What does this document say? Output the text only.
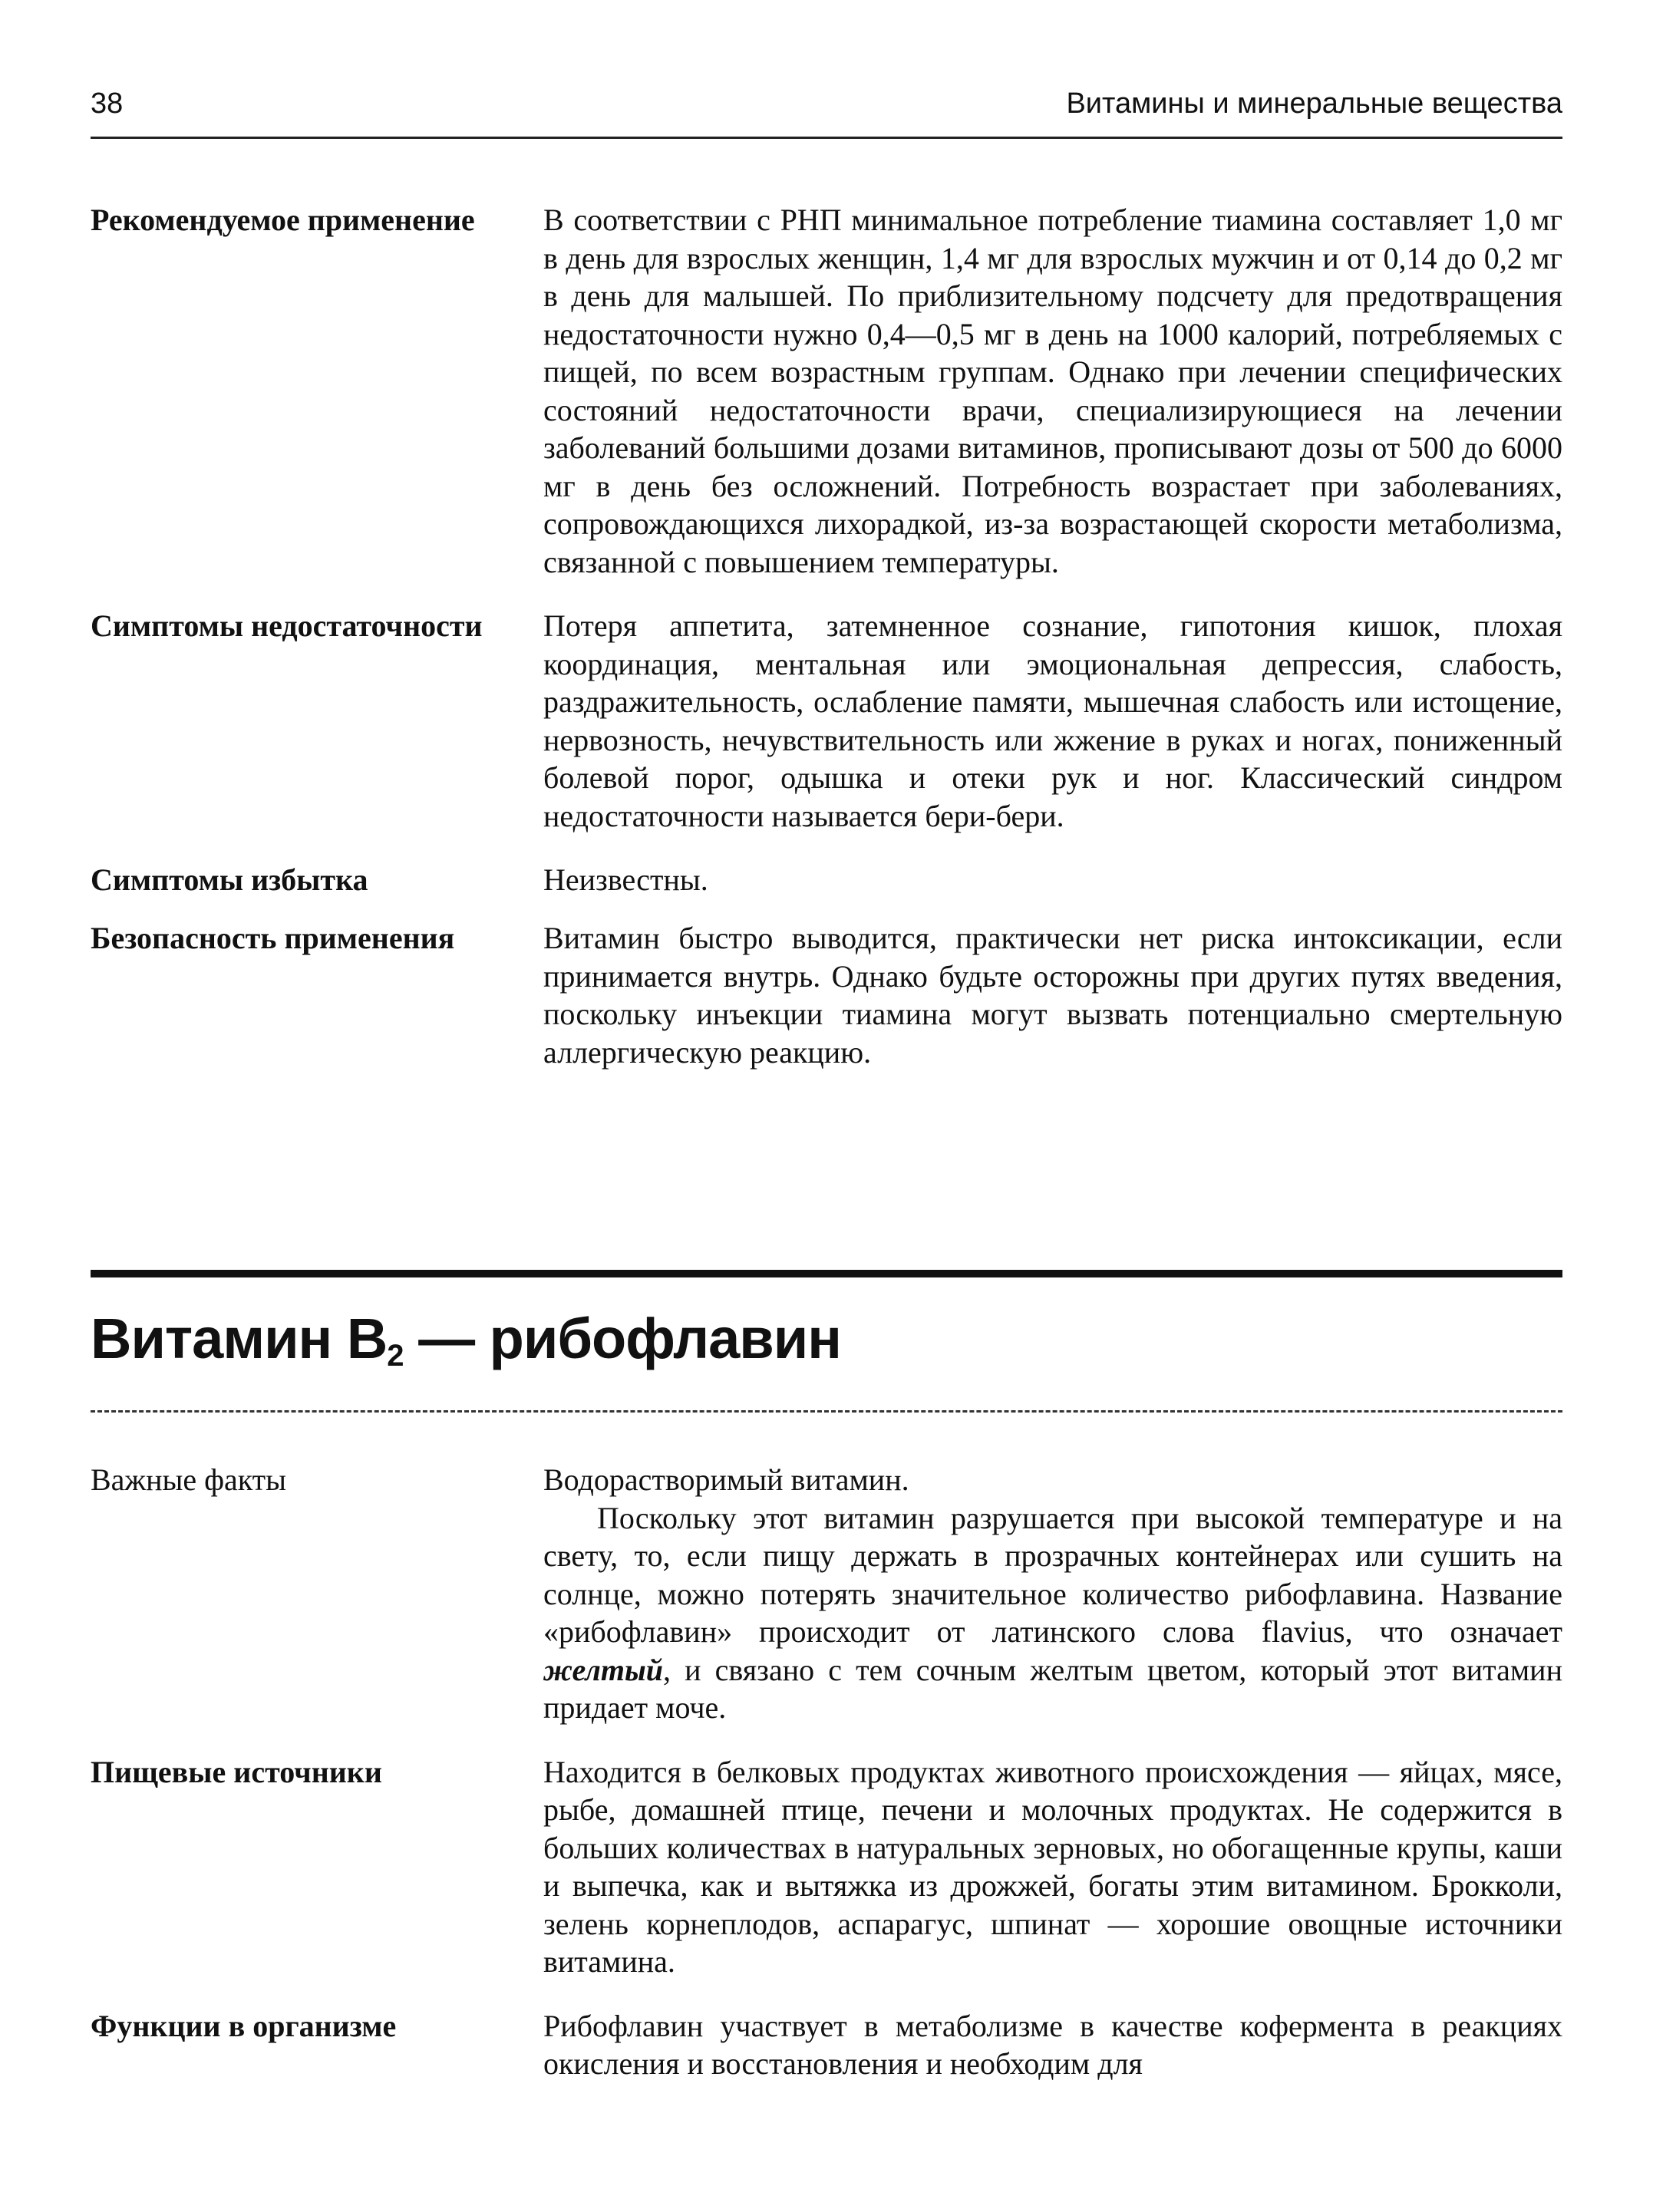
38	Витамины и минеральные вещества
Рекомендуемое применение	В соответствии с РНП минимальное потребление тиамина составляет 1,0 мг в день для взрослых женщин, 1,4 мг для взрослых мужчин и от 0,14 до 0,2 мг в день для малышей. По приблизительному подсчету для предотвращения недостаточности нужно 0,4—0,5 мг в день на 1000 калорий, потребляемых с пищей, по всем возрастным группам. Однако при лечении специфических состояний недостаточности врачи, специализирующиеся на лечении заболеваний большими дозами витаминов, прописывают дозы от 500 до 6000 мг в день без осложнений. Потребность возрастает при заболеваниях, сопровождающихся лихорадкой, из-за возрастающей скорости метаболизма, связанной с повышением температуры.
Симптомы недостаточности	Потеря аппетита, затемненное сознание, гипотония кишок, плохая координация, ментальная или эмоциональная депрессия, слабость, раздражительность, ослабление памяти, мышечная слабость или истощение, нервозность, нечувствительность или жжение в руках и ногах, пониженный болевой порог, одышка и отеки рук и ног. Классический синдром недостаточности называется бери-бери.
Симптомы избытка	Неизвестны.
Безопасность применения	Витамин быстро выводится, практически нет риска интоксикации, если принимается внутрь. Однако будьте осторожны при других путях введения, поскольку инъекции тиамина могут вызвать потенциально смертельную аллергическую реакцию.
Витамин $B_2$ — рибофлавин
Важные факты	Водорастворимый витамин.

Поскольку этот витамин разрушается при высокой температуре и на свету, то, если пищу держать в прозрачных контейнерах или сушить на солнце, можно потерять значительное количество рибофлавина. Название «рибофлавин» происходит от латинского слова flavius, что означает желтый, и связано с тем сочным желтым цветом, который этот витамин придает моче.

Пищевые источники	Находится в белковых продуктах животного происхождения — яйцах, мясе, рыбе, домашней птице, печени и молочных продуктах. Не содержится в больших количествах в натуральных зерновых, но обогащенные крупы, каши и выпечка, как и вытяжка из дрожжей, богаты этим витамином. Брокколи, зелень корнеплодов, аспарагус, шпинат — хорошие овощные источники витамина.
Функции в организме	Рибофлавин участвует в метаболизме в качестве кофермента в реакциях окисления и восстановления и необходим для
